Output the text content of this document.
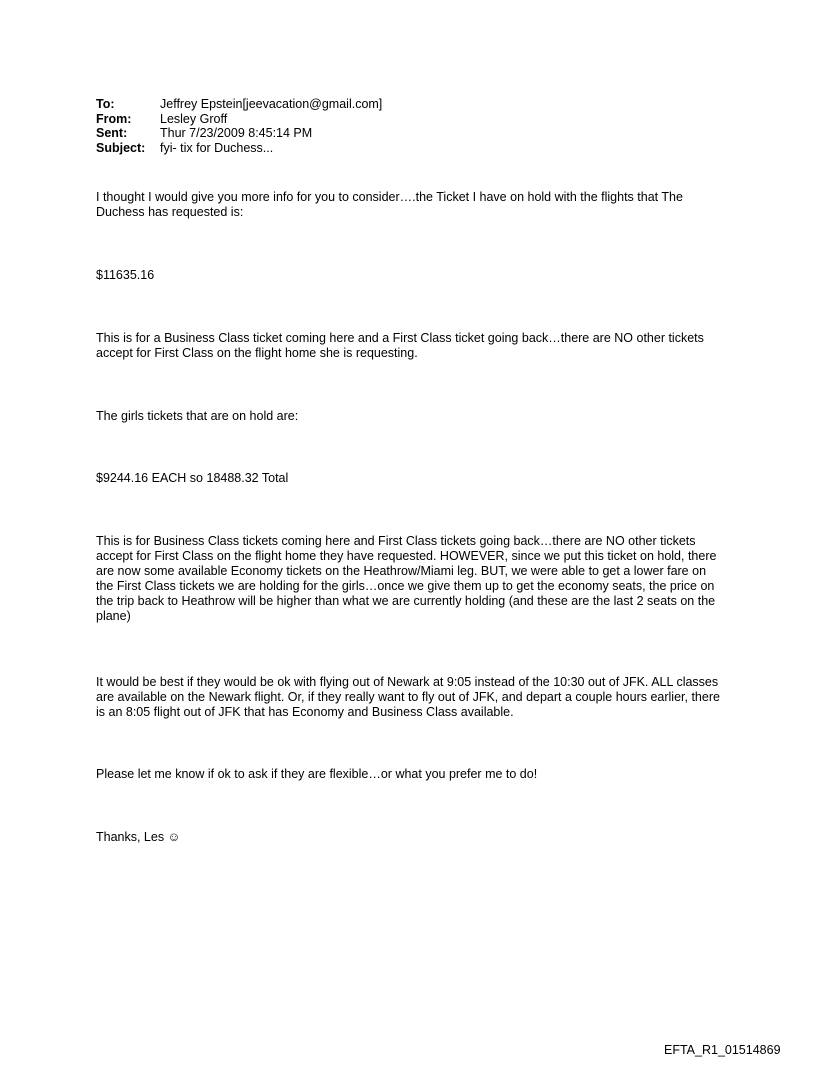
To:	Jeffrey Epstein[jeevacation@gmail.com]
From:	Lesley Groff
Sent:	Thur 7/23/2009 8:45:14 PM
Subject:	fyi- tix for Duchess...

I thought I would give you more info for you to consider….the Ticket I have on hold with the flights that The Duchess has requested is:

$11635.16

This is for a Business Class ticket coming here and a First Class ticket going back…there are NO other tickets accept for First Class on the flight home she is requesting.

The girls tickets that are on hold are:

$9244.16 EACH so 18488.32 Total

This is for Business Class tickets coming here and First Class tickets going back…there are NO other tickets accept for First Class on the flight home they have requested. HOWEVER, since we put this ticket on hold, there are now some available Economy tickets on the Heathrow/Miami leg. BUT, we were able to get a lower fare on the First Class tickets we are holding for the girls…once we give them up to get the economy seats, the price on the trip back to Heathrow will be higher than what we are currently holding (and these are the last 2 seats on the plane)

It would be best if they would be ok with flying out of Newark at 9:05 instead of the 10:30 out of JFK. ALL classes are available on the Newark flight. Or, if they really want to fly out of JFK, and depart a couple hours earlier, there is an 8:05 flight out of JFK that has Economy and Business Class available.

Please let me know if ok to ask if they are flexible…or what you prefer me to do!

Thanks, Les ☺

EFTA_R1_01514869
